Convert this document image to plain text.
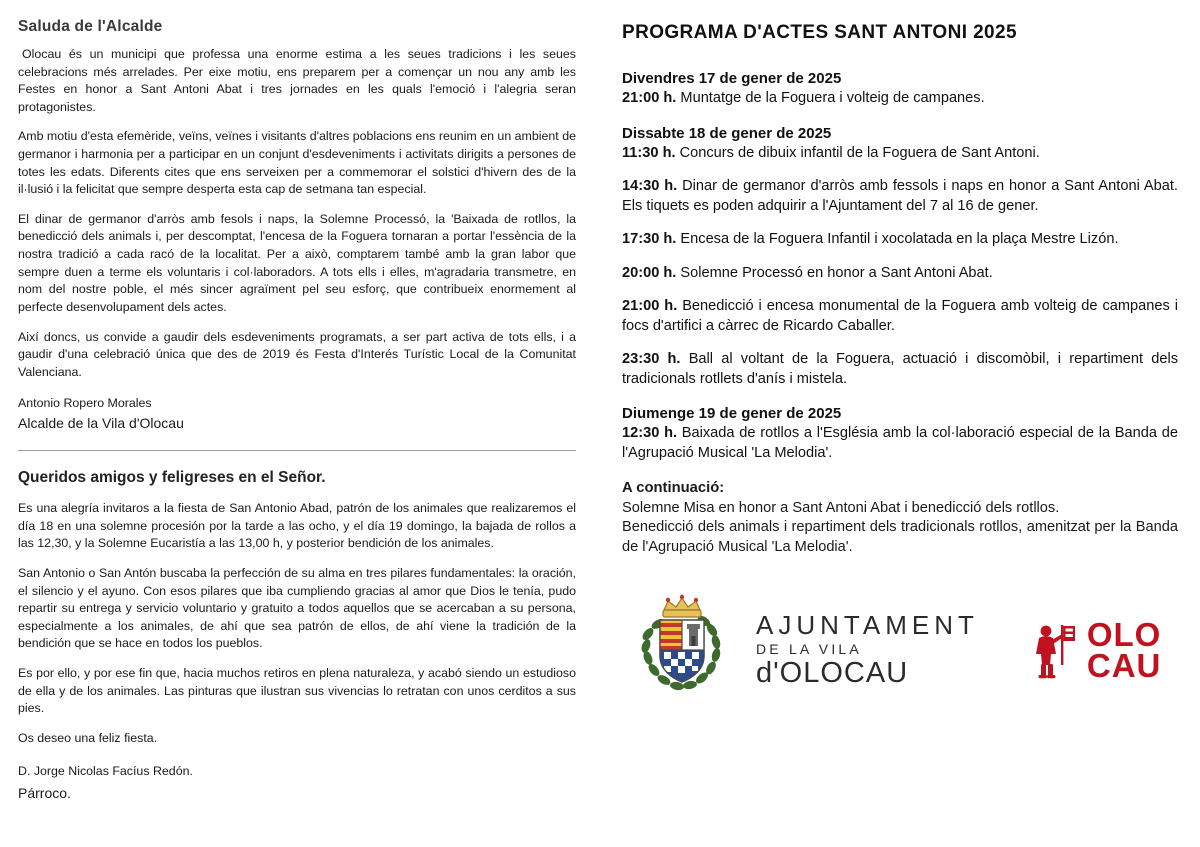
Saluda de l'Alcalde

Olocau és un municipi que professa una enorme estima a les seues tradicions i les seues celebracions més arrelades. Per eixe motiu, ens preparem per a començar un nou any amb les Festes en honor a Sant Antoni Abat i tres jornades en les quals l'emoció i l'alegria seran protagonistes.

Amb motiu d'esta efemèride, veïns, veïnes i visitants d'altres poblacions ens reunim en un ambient de germanor i harmonia per a participar en un conjunt d'esdeveniments i activitats dirigits a persones de totes les edats. Diferents cites que ens serveixen per a commemorar el solstici d'hivern des de la il·lusió i la felicitat que sempre desperta esta cap de setmana tan especial.

El dinar de germanor d'arròs amb fesols i naps, la Solemne Processó, la 'Baixada de rotllos, la benedicció dels animals i, per descomptat, l'encesa de la Foguera tornaran a portar l'essència de la nostra tradició a cada racó de la localitat. Per a això, comptarem també amb la gran labor que sempre duen a terme els voluntaris i col·laboradors. A tots ells i elles, m'agradaria transmetre, en nom del nostre poble, el més sincer agraïment pel seu esforç, que contribueix enormement al perfecte desenvolupament dels actes.

Així doncs, us convide a gaudir dels esdeveniments programats, a ser part activa de tots ells, i a gaudir d'una celebració única que des de 2019 és Festa d'Interés Turístic Local de la Comunitat Valenciana.

Antonio Ropero Morales

Alcalde de la Vila d'Olocau

Queridos amigos y feligreses en el Señor.

Es una alegría invitaros a la fiesta de San Antonio Abad, patrón de los animales que realizaremos el día 18 en una solemne procesión por la tarde a las ocho, y el día 19 domingo, la bajada de rollos a las 12,30, y la Solemne Eucaristía a las 13,00 h, y posterior bendición de los animales.

San Antonio o San Antón buscaba la perfección de su alma en tres pilares fundamentales: la oración, el silencio y el ayuno. Con esos pilares que iba cumpliendo gracias al amor que Dios le tenía, pudo repartir su entrega y servicio voluntario y gratuito a todos aquellos que se acercaban a su persona, especialmente a los animales, de ahí que sea patrón de ellos, de ahí viene la tradición de la bendición que se hace en todos los pueblos.

Es por ello, y por ese fin que, hacia muchos retiros en plena naturaleza, y acabó siendo un estudioso de ella y de los animales. Las pinturas que ilustran sus vivencias lo retratan con unos cerditos a sus pies.

Os deseo una feliz fiesta.

D. Jorge Nicolas Facíus Redón.
Párroco.
PROGRAMA D'ACTES SANT ANTONI 2025
Divendres 17 de gener de 2025

21:00 h. Muntatge de la Foguera i volteig de campanes.

Dissabte 18 de gener de 2025

11:30 h. Concurs de dibuix infantil de la Foguera de Sant Antoni.

14:30 h. Dinar de germanor d'arròs amb fessols i naps en honor a Sant Antoni Abat. Els tiquets es poden adquirir a l'Ajuntament del 7 al 16 de gener.

17:30 h. Encesa de la Foguera Infantil i xocolatada en la plaça Mestre Lizón.

20:00 h. Solemne Processó en honor a Sant Antoni Abat.

21:00 h. Benedicció i encesa monumental de la Foguera amb volteig de campanes i focs d'artifici a càrrec de Ricardo Caballer.

23:30 h. Ball al voltant de la Foguera, actuació i discomòbil, i repartiment dels tradicionals rotllets d'anís i mistela.

Diumenge 19 de gener de 2025

12:30 h. Baixada de rotllos a l'Església amb la col·laboració especial de la Banda de l'Agrupació Musical 'La Melodia'.

A continuació:

Solemne Misa en honor a Sant Antoni Abat i benedicció dels rotllos.

Benedicció dels animals i repartiment dels tradicionals rotllos, amenitzat per la Banda de l'Agrupació Musical 'La Melodia'.

AJUNTAMENT
DE LA VILA
d'OLOCAU
OLO
CAU
